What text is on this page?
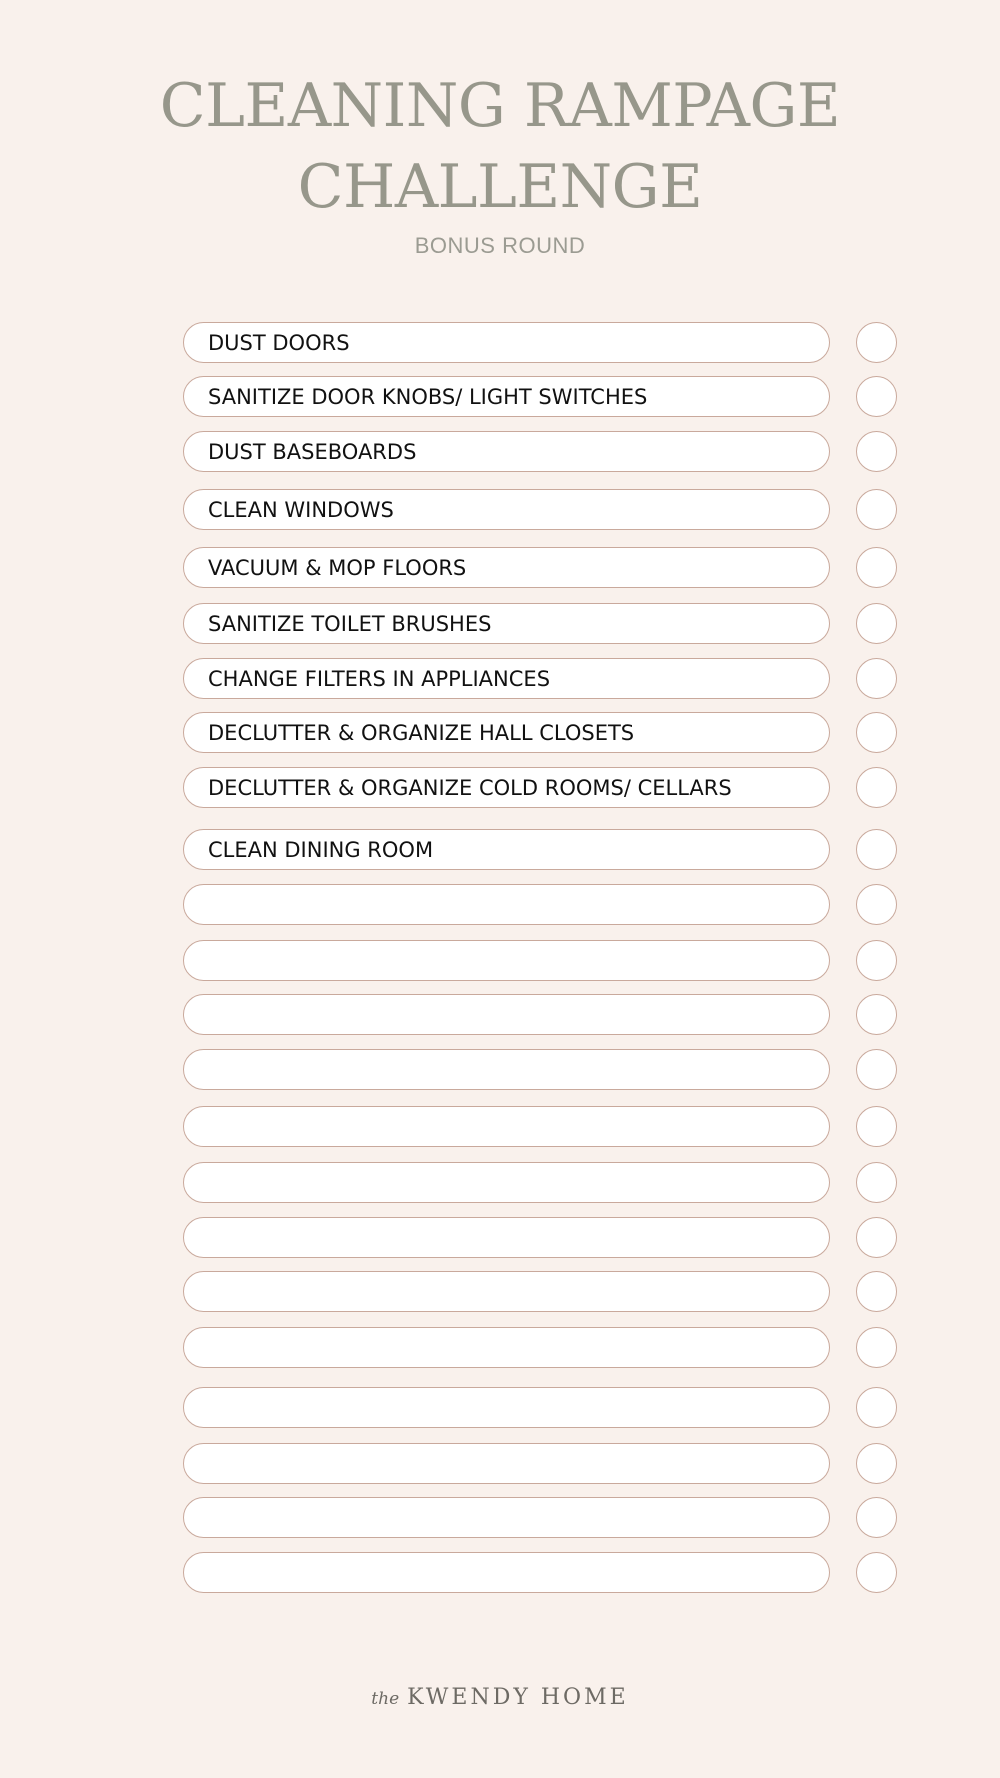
CLEANING RAMPAGE
CHALLENGE
BONUS ROUND
DUST DOORS
SANITIZE DOOR KNOBS/ LIGHT SWITCHES
DUST BASEBOARDS
CLEAN WINDOWS
VACUUM & MOP FLOORS
SANITIZE TOILET BRUSHES
CHANGE FILTERS IN APPLIANCES
DECLUTTER & ORGANIZE HALL CLOSETS
DECLUTTER & ORGANIZE COLD ROOMS/ CELLARS
CLEAN DINING ROOM
the KWENDY HOME
